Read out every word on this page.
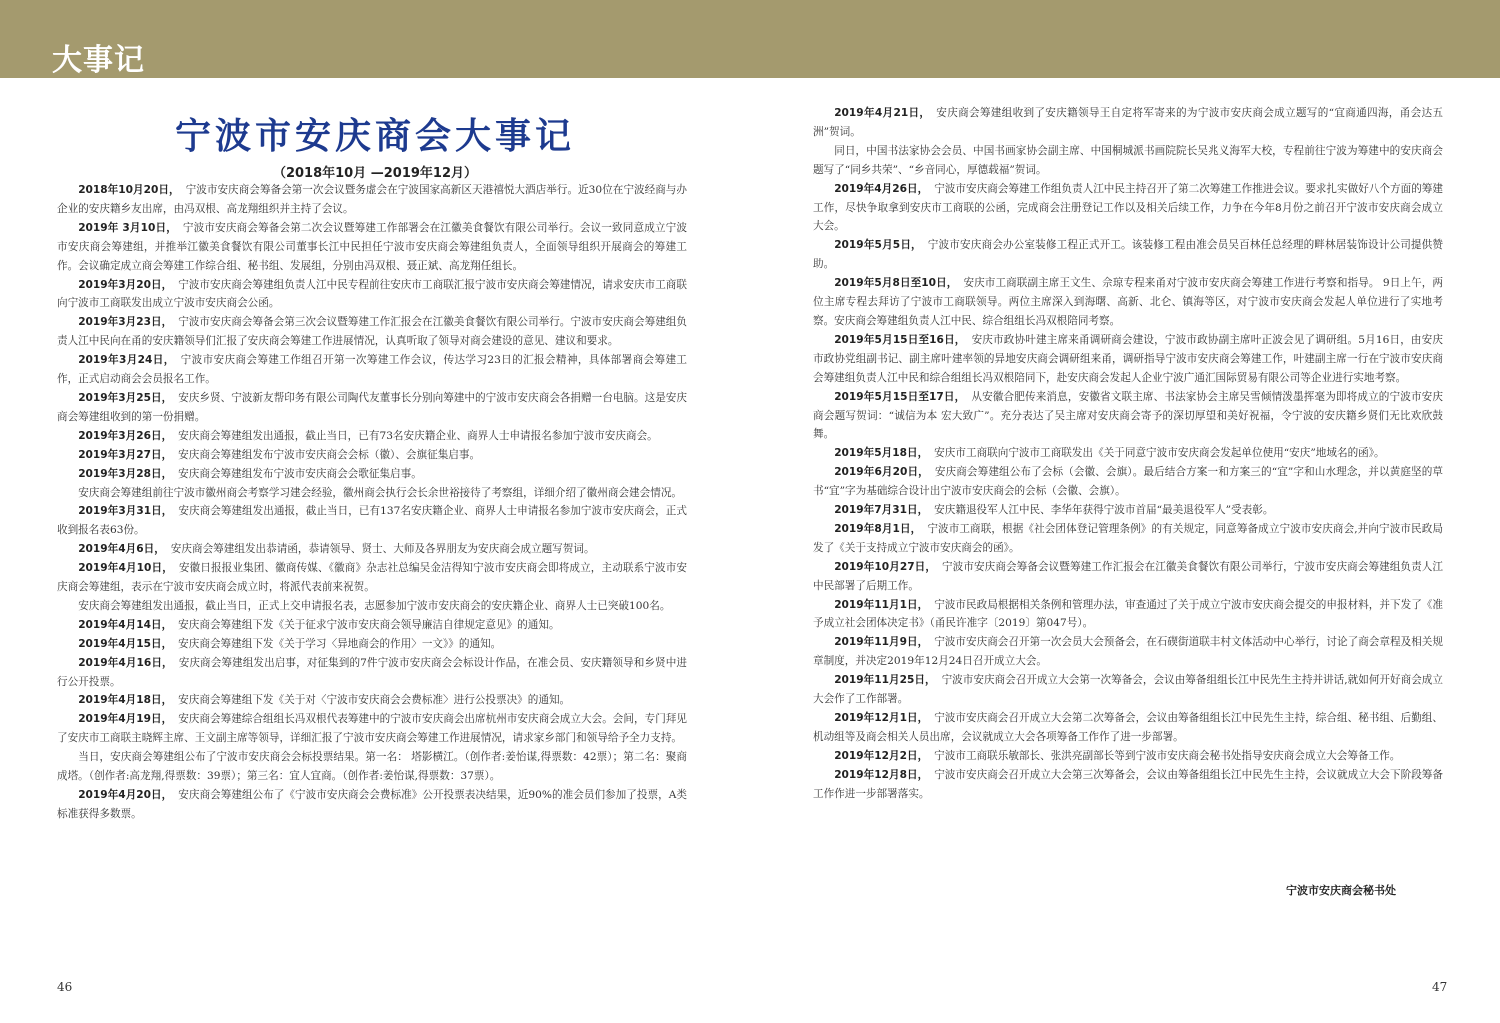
大事记
宁波市安庆商会大事记
（2018年10月 —2019年12月）

2018年10月20日， 宁波市安庆商会筹备会第一次会议暨务虚会在宁波国家高新区天港禧悦大酒店举行。近30位在宁波经商与办企业的安庆籍乡友出席，由冯双根、高龙翔组织并主持了会议。

2019年 3月10日， 宁波市安庆商会筹备会第二次会议暨筹建工作部署会在江徽美食餐饮有限公司举行。会议一致同意成立宁波市安庆商会筹建组，并推举江徽美食餐饮有限公司董事长江中民担任宁波市安庆商会筹建组负责人，全面领导组织开展商会的筹建工作。会议确定成立商会筹建工作综合组、秘书组、发展组，分别由冯双根、聂正斌、高龙翔任组长。

2019年3月20日， 宁波市安庆商会筹建组负责人江中民专程前往安庆市工商联汇报宁波市安庆商会筹建情况，请求安庆市工商联向宁波市工商联发出成立宁波市安庆商会公函。

2019年3月23日， 宁波市安庆商会筹备会第三次会议暨筹建工作汇报会在江徽美食餐饮有限公司举行。宁波市安庆商会筹建组负责人江中民向在甬的安庆籍领导们汇报了安庆商会筹建工作进展情况，认真听取了领导对商会建设的意见、建议和要求。

2019年3月24日， 宁波市安庆商会筹建工作组召开第一次筹建工作会议，传达学习23日的汇报会精神，具体部署商会筹建工作，正式启动商会会员报名工作。

2019年3月25日， 安庆乡贤、宁波新友帮印务有限公司陶代友董事长分别向筹建中的宁波市安庆商会各捐赠一台电脑。这是安庆商会筹建组收到的第一份捐赠。

2019年3月26日， 安庆商会筹建组发出通报，截止当日，已有73名安庆籍企业、商界人士申请报名参加宁波市安庆商会。

2019年3月27日， 安庆商会筹建组发布宁波市安庆商会会标（徽）、会旗征集启事。

2019年3月28日， 安庆商会筹建组发布宁波市安庆商会会歌征集启事。

安庆商会筹建组前往宁波市徽州商会考察学习建会经验，徽州商会执行会长余世裕接待了考察组，详细介绍了徽州商会建会情况。

2019年3月31日， 安庆商会筹建组发出通报，截止当日，已有137名安庆籍企业、商界人士申请报名参加宁波市安庆商会，正式收到报名表63份。

2019年4月6日， 安庆商会筹建组发出恭请函，恭请领导、贤士、大师及各界朋友为安庆商会成立题写贺词。

2019年4月10日， 安徽日报报业集团、徽商传媒、《徽商》杂志社总编吴金洁得知宁波市安庆商会即将成立，主动联系宁波市安庆商会筹建组，表示在宁波市安庆商会成立时，将派代表前来祝贺。

安庆商会筹建组发出通报，截止当日，正式上交申请报名表，志愿参加宁波市安庆商会的安庆籍企业、商界人士已突破100名。

2019年4月14日， 安庆商会筹建组下发《关于征求宁波市安庆商会领导廉洁自律规定意见》的通知。

2019年4月15日， 安庆商会筹建组下发《关于学习〈异地商会的作用〉一文》》的通知。

2019年4月16日， 安庆商会筹建组发出启事，对征集到的7件宁波市安庆商会会标设计作品，在准会员、安庆籍领导和乡贤中进行公开投票。

2019年4月18日， 安庆商会筹建组下发《关于对〈宁波市安庆商会会费标准〉进行公投票决》的通知。

2019年4月19日， 安庆商会筹建综合组组长冯双根代表筹建中的宁波市安庆商会出席杭州市安庆商会成立大会。会间，专门拜见了安庆市工商联主晓辉主席、王文副主席等领导，详细汇报了宁波市安庆商会筹建工作进展情况，请求家乡部门和领导给予全力支持。

当日，安庆商会筹建组公布了宁波市安庆商会会标投票结果。第一名： 塔影横江。（创作者:姜怡谋,得票数：42票）；第二名：聚商成塔。（创作者:高龙翔,得票数：39票）；第三名：宜人宜商。（创作者:姜怡谋,得票数：37票）。

2019年4月20日， 安庆商会筹建组公布了《宁波市安庆商会会费标准》公开投票表决结果，近90%的准会员们参加了投票，A类标准获得多数票。

2019年4月21日， 安庆商会筹建组收到了安庆籍领导王自定将军寄来的为宁波市安庆商会成立题写的“宜商通四海，甬会达五洲”贺词。

同日，中国书法家协会会员、中国书画家协会副主席、中国桐城派书画院院长吴兆义海军大校，专程前往宁波为筹建中的安庆商会题写了“同乡共荣”、“乡音同心，厚德载福”贺词。

2019年4月26日， 宁波市安庆商会筹建工作组负责人江中民主持召开了第二次筹建工作推进会议。要求扎实做好八个方面的筹建工作，尽快争取拿到安庆市工商联的公函，完成商会注册登记工作以及相关后续工作，力争在今年8月份之前召开宁波市安庆商会成立大会。

2019年5月5日， 宁波市安庆商会办公室装修工程正式开工。该装修工程由准会员吴百林任总经理的畔林居装饰设计公司提供赞助。

2019年5月8日至10日， 安庆市工商联副主席王文生、佘琼专程来甬对宁波市安庆商会筹建工作进行考察和指导。 9日上午，两位主席专程去拜访了宁波市工商联领导。两位主席深入到海曙、高新、北仑、镇海等区，对宁波市安庆商会发起人单位进行了实地考察。安庆商会筹建组负责人江中民、综合组组长冯双根陪同考察。

2019年5月15日至16日， 安庆市政协叶建主席来甬调研商会建设，宁波市政协副主席叶正波会见了调研组。5月16日，由安庆市政协党组副书记、副主席叶建率领的异地安庆商会调研组来甬，调研指导宁波市安庆商会筹建工作，叶建副主席一行在宁波市安庆商会筹建组负责人江中民和综合组组长冯双根陪同下，赴安庆商会发起人企业宁波广通汇国际贸易有限公司等企业进行实地考察。

2019年5月15日至17日， 从安徽合肥传来消息，安徽省文联主席、书法家协会主席吴雪倾情泼墨挥毫为即将成立的宁波市安庆商会题写贺词：“诚信为本 宏大致广”。充分表达了吴主席对安庆商会寄予的深切厚望和美好祝福，令宁波的安庆籍乡贤们无比欢欣鼓舞。

2019年5月18日， 安庆市工商联向宁波市工商联发出《关于同意宁波市安庆商会发起单位使用“安庆”地域名的函》。

2019年6月20日， 安庆商会筹建组公布了会标（会徽、会旗）。最后结合方案一和方案三的“宜”字和山水理念，并以黄庭坚的草书“宜”字为基础综合设计出宁波市安庆商会的会标（会徽、会旗）。

2019年7月31日， 安庆籍退役军人江中民、李华年获得宁波市首届“最美退役军人”受表彰。

2019年8月1日， 宁波市工商联，根据《社会团体登记管理条例》的有关规定，同意筹备成立宁波市安庆商会,并向宁波市民政局发了《关于支持成立宁波市安庆商会的函》。

2019年10月27日， 宁波市安庆商会筹备会议暨筹建工作汇报会在江徽美食餐饮有限公司举行，宁波市安庆商会筹建组负责人江中民部署了后期工作。

2019年11月1日， 宁波市民政局根据相关条例和管理办法，审查通过了关于成立宁波市安庆商会提交的申报材料，并下发了《准予成立社会团体决定书》（甬民许准字〔2019〕第047号）。

2019年11月9日， 宁波市安庆商会召开第一次会员大会预备会，在石碶街道联丰村文体活动中心举行，讨论了商会章程及相关规章制度，并决定2019年12月24日召开成立大会。

2019年11月25日， 宁波市安庆商会召开成立大会第一次筹备会，会议由筹备组组长江中民先生主持并讲话,就如何开好商会成立大会作了工作部署。

2019年12月1日， 宁波市安庆商会召开成立大会第二次筹备会，会议由筹备组组长江中民先生主持，综合组、秘书组、后勤组、机动组等及商会相关人员出席，会议就成立大会各项筹备工作作了进一步部署。

2019年12月2日， 宁波市工商联乐敏部长、张洪亮副部长等到宁波市安庆商会秘书处指导安庆商会成立大会筹备工作。

2019年12月8日， 宁波市安庆商会召开成立大会第三次筹备会，会议由筹备组组长江中民先生主持，会议就成立大会下阶段筹备工作作进一步部署落实。

宁波市安庆商会秘书处
46	47
